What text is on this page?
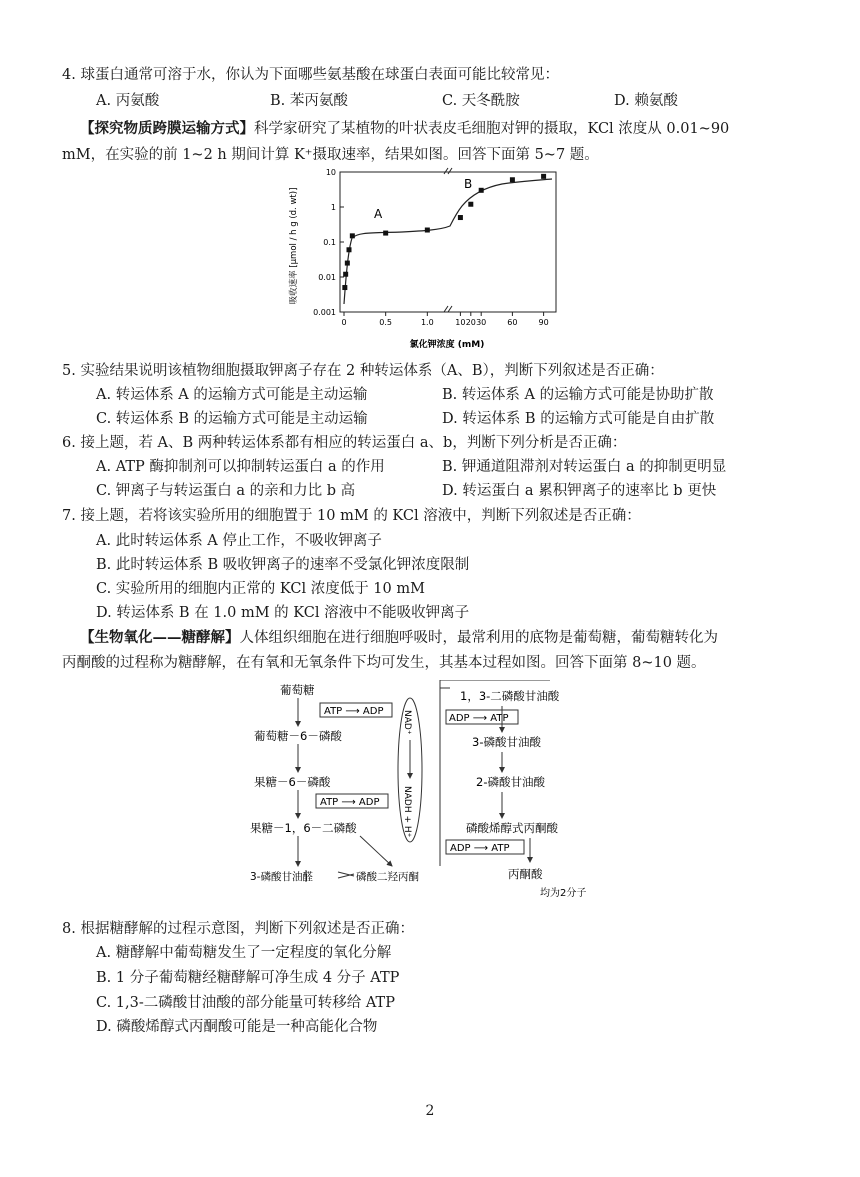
4. 球蛋白通常可溶于水，你认为下面哪些氨基酸在球蛋白表面可能比较常见：
A. 丙氨酸	B. 苯丙氨酸	C. 天冬酰胺	D. 赖氨酸
【探究物质跨膜运输方式】科学家研究了某植物的叶状表皮毛细胞对钾的摄取，KCl 浓度从 0.01~90
mM，在实验的前 1~2 h 期间计算 K⁺摄取速率，结果如图。回答下面第 5~7 题。
吸收速率 [μmol / h g (d. wt)]
0.001
0.01
0.1
1
10
0	0.5	1.0	10 20 30	60	90
A
B
氯化钾浓度 (mM)
5. 实验结果说明该植物细胞摄取钾离子存在 2 种转运体系（A、B），判断下列叙述是否正确：
A. 转运体系 A 的运输方式可能是主动运输	B. 转运体系 A 的运输方式可能是协助扩散
C. 转运体系 B 的运输方式可能是主动运输	D. 转运体系 B 的运输方式可能是自由扩散
6. 接上题，若 A、B 两种转运体系都有相应的转运蛋白 a、b，判断下列分析是否正确：
A. ATP 酶抑制剂可以抑制转运蛋白 a 的作用	B. 钾通道阻滞剂对转运蛋白 a 的抑制更明显
C. 钾离子与转运蛋白 a 的亲和力比 b 高	D. 转运蛋白 a 累积钾离子的速率比 b 更快
7. 接上题，若将该实验所用的细胞置于 10 mM 的 KCl 溶液中，判断下列叙述是否正确：
A. 此时转运体系 A 停止工作，不吸收钾离子
B. 此时转运体系 B 吸收钾离子的速率不受氯化钾浓度限制
C. 实验所用的细胞内正常的 KCl 浓度低于 10 mM
D. 转运体系 B 在 1.0 mM 的 KCl 溶液中不能吸收钾离子
【生物氧化——糖酵解】人体组织细胞在进行细胞呼吸时，最常利用的底物是葡萄糖，葡萄糖转化为
丙酮酸的过程称为糖酵解，在有氧和无氧条件下均可发生，其基本过程如图。回答下面第 8~10 题。
葡萄糖
ATP ⟶ ADP
葡萄糖－6－磷酸
果糖－6－磷酸
ATP ⟶ ADP
果糖－1，6－二磷酸
3-磷酸甘油醛	磷酸二羟丙酮
NAD⁺
NADH + H⁺
1，3-二磷酸甘油酸
ADP ⟶ ATP
3-磷酸甘油酸
2-磷酸甘油酸
磷酸烯醇式丙酮酸
ADP ⟶ ATP
丙酮酸
均为2分子
8. 根据糖酵解的过程示意图，判断下列叙述是否正确：
A. 糖酵解中葡萄糖发生了一定程度的氧化分解
B. 1 分子葡萄糖经糖酵解可净生成 4 分子 ATP
C. 1,3-二磷酸甘油酸的部分能量可转移给 ATP
D. 磷酸烯醇式丙酮酸可能是一种高能化合物
2
